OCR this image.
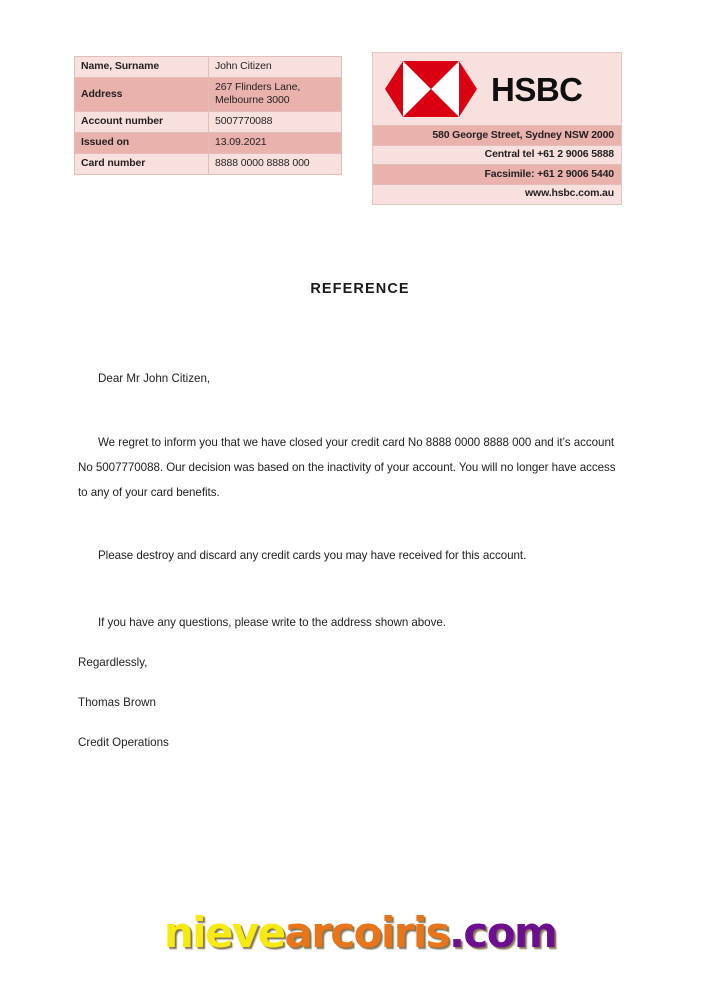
Name, Surname	John Citizen
Address	267 Flinders Lane,
Melbourne 3000

Account number	5007770088
Issued on	13.09.2021
Card number	8888 0000 8888 000
HSBC
580 George Street, Sydney NSW 2000
Central tel +61 2 9006 5888
Facsimile: +61 2 9006 5440
www.hsbc.com.au
REFERENCE

Dear Mr John Citizen,

We regret to inform you that we have closed your credit card No 8888 0000 8888 000 and it’s account No 5007770088. Our decision was based on the inactivity of your account. You will no longer have access to any of your card benefits.

Please destroy and discard any credit cards you may have received for this account.

If you have any questions, please write to the address shown above.

Regardlessly,
Thomas Brown
Credit Operations
nievearcoiris.com
